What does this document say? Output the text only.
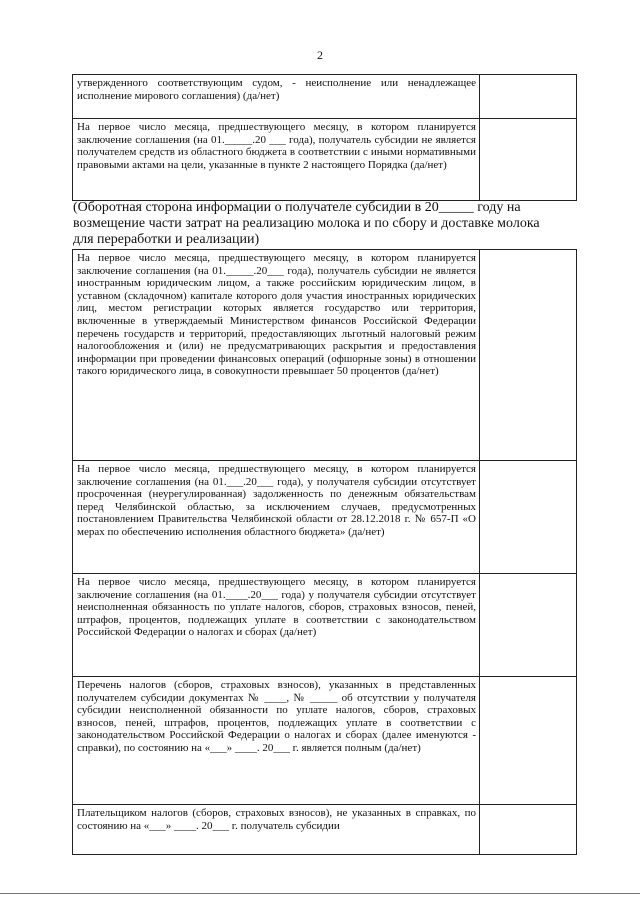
2
утвержденного соответствующим судом, - неисполнение или ненадлежащее исполнение мирового соглашения) (да/нет)	
На первое число месяца, предшествующего месяцу, в котором планируется заключение соглашения (на 01._____.20 ___ года), получатель субсидии не является получателем средств из областного бюджета в соответствии с иными нормативными правовыми актами на цели, указанные в пункте 2 настоящего Порядка (да/нет)	
(Оборотная сторона информации о получателе субсидии в 20_____ году на
возмещение части затрат на реализацию молока и по сбору и доставке молока
для переработки и реализации)
На первое число месяца, предшествующего месяцу, в котором планируется заключение соглашения (на 01._____.20___ года), получатель субсидии не является иностранным юридическим лицом, а также российским юридическим лицом, в уставном (складочном) капитале которого доля участия иностранных юридических лиц, местом регистрации которых является государство или территория, включенные в утверждаемый Министерством финансов Российской Федерации перечень государств и территорий, предоставляющих льготный налоговый режим налогообложения и (или) не предусматривающих раскрытия и предоставления информации при проведении финансовых операций (офшорные зоны) в отношении такого юридического лица, в совокупности превышает 50 процентов (да/нет)	
На первое число месяца, предшествующего месяцу, в котором планируется заключение соглашения (на 01.___.20___ года), у получателя субсидии отсутствует просроченная (неурегулированная) задолженность по денежным обязательствам перед Челябинской областью, за исключением случаев, предусмотренных постановлением Правительства Челябинской области от 28.12.2018 г. № 657-П «О мерах по обеспечению исполнения областного бюджета» (да/нет)	
На первое число месяца, предшествующего месяцу, в котором планируется заключение соглашения (на 01.____.20___ года) у получателя субсидии отсутствует неисполненная обязанность по уплате налогов, сборов, страховых взносов, пеней, штрафов, процентов, подлежащих уплате в соответствии с законодательством Российской Федерации о налогах и сборах (да/нет)	
Перечень налогов (сборов, страховых взносов), указанных в представленных получателем субсидии документах № ____, № _____ об отсутствии у получателя субсидии неисполненной обязанности по уплате налогов, сборов, страховых взносов, пеней, штрафов, процентов, подлежащих уплате в соответствии с законодательством Российской Федерации о налогах и сборах (далее именуются - справки), по состоянию на «___» ____. 20___ г. является полным (да/нет)	
Плательщиком налогов (сборов, страховых взносов), не указанных в справках, по состоянию на «___» ____. 20___ г. получатель субсидии	
